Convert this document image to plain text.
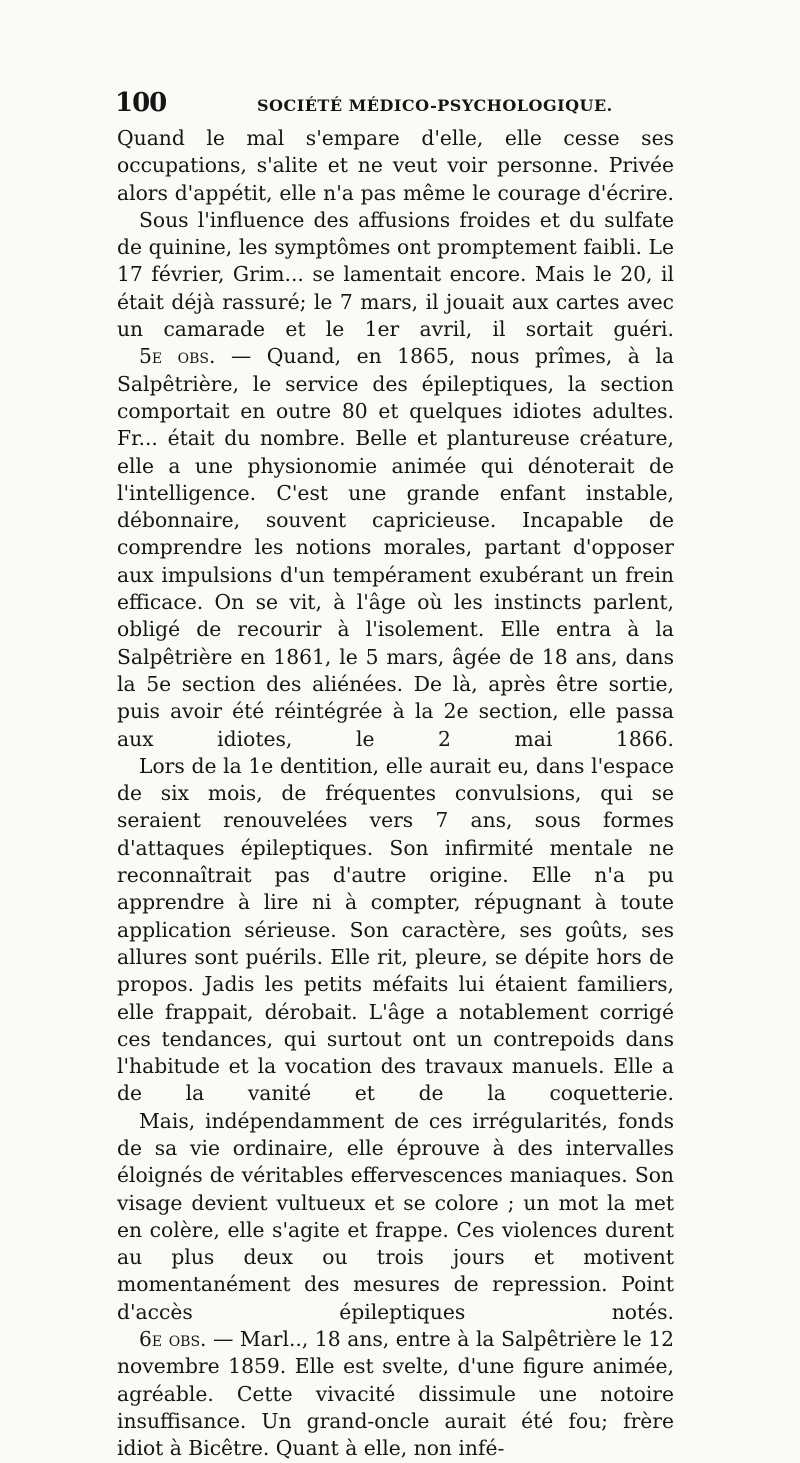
100	SOCIÉTÉ MÉDICO-PSYCHOLOGIQUE.

Quand le mal s'empare d'elle, elle cesse ses occupations, s'alite et ne veut voir personne. Privée alors d'appétit, elle n'a pas même le courage d'écrire.

Sous l'influence des affusions froides et du sulfate de quinine, les symptômes ont promptement faibli. Le 17 février, Grim... se lamentait encore. Mais le 20, il était déjà rassuré; le 7 mars, il jouait aux cartes avec un camarade et le 1er avril, il sortait guéri.

5e obs. — Quand, en 1865, nous prîmes, à la Salpêtrière, le service des épileptiques, la section comportait en outre 80 et quelques idiotes adultes. Fr... était du nombre. Belle et plantureuse créature, elle a une physionomie animée qui dénoterait de l'intelligence. C'est une grande enfant instable, débonnaire, souvent capricieuse. Incapable de comprendre les notions morales, partant d'opposer aux impulsions d'un tempérament exubérant un frein efficace. On se vit, à l'âge où les instincts parlent, obligé de recourir à l'isolement. Elle entra à la Salpêtrière en 1861, le 5 mars, âgée de 18 ans, dans la 5e section des aliénées. De là, après être sortie, puis avoir été réintégrée à la 2e section, elle passa aux idiotes, le 2 mai 1866.

Lors de la 1e dentition, elle aurait eu, dans l'espace de six mois, de fréquentes convulsions, qui se seraient renouvelées vers 7 ans, sous formes d'attaques épileptiques. Son infirmité mentale ne reconnaîtrait pas d'autre origine. Elle n'a pu apprendre à lire ni à compter, répugnant à toute application sérieuse. Son caractère, ses goûts, ses allures sont puérils. Elle rit, pleure, se dépite hors de propos. Jadis les petits méfaits lui étaient familiers, elle frappait, dérobait. L'âge a notablement corrigé ces tendances, qui surtout ont un contrepoids dans l'habitude et la vocation des travaux manuels. Elle a de la vanité et de la coquetterie.

Mais, indépendamment de ces irrégularités, fonds de sa vie ordinaire, elle éprouve à des intervalles éloignés de véritables effervescences maniaques. Son visage devient vultueux et se colore ; un mot la met en colère, elle s'agite et frappe. Ces violences durent au plus deux ou trois jours et motivent momentanément des mesures de repression. Point d'accès épileptiques notés.

6e obs. — Marl.., 18 ans, entre à la Salpêtrière le 12 novembre 1859. Elle est svelte, d'une figure animée, agréable. Cette vivacité dissimule une notoire insuffisance. Un grand-oncle aurait été fou; frère idiot à Bicêtre. Quant à elle, non infé-
